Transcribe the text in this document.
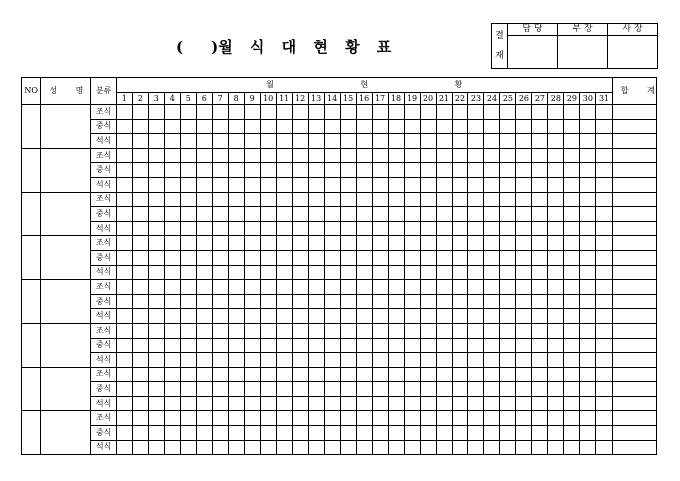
( )월 식 대 현 황 표
결
재	담 당	부 장	사 장

NO	성 명	분류	월 현 황																															합 계
			1	2	3	4	5	6	7	8	9	10	11	12	13	14	15	16	17	18	19	20	21	22	23	24	25	26	27	28	29	30	31	
		조식																																
		중식																																
		석식																																
		조식																																
		중식																																
		석식																																
		조식																																
		중식																																
		석식																																
		조식																																
		중식																																
		석식																																
		조식																																
		중식																																
		석식																																
		조식																																
		중식																																
		석식																																
		조식																																
		중식																																
		석식																																
		조식																																
		중식																																
		석식																																
